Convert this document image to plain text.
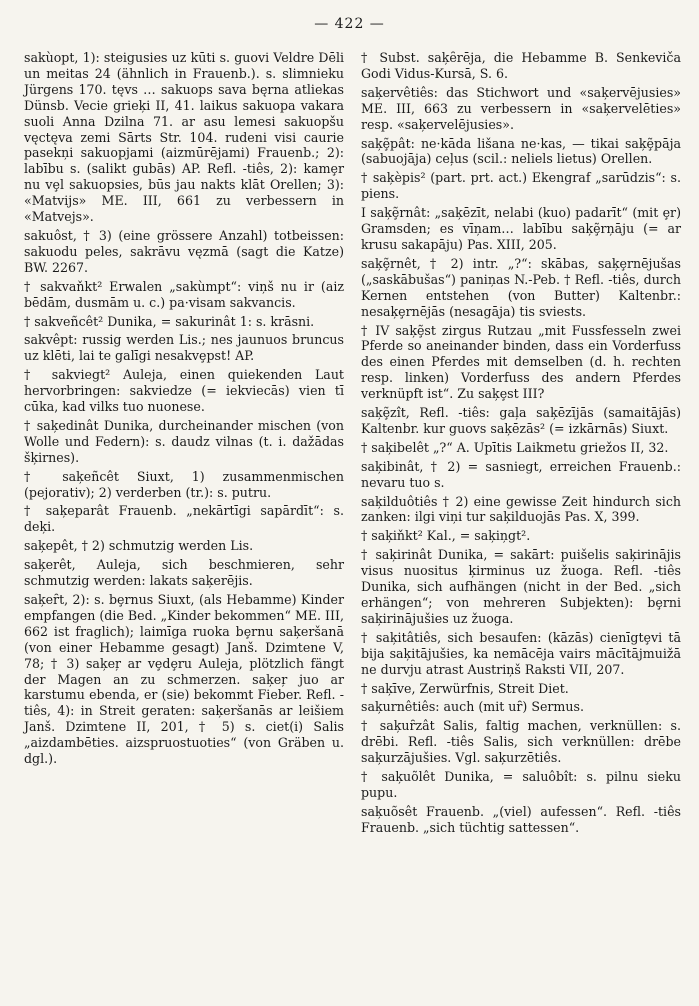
— 422 —

sakùopt, 1): steigusies uz kūti s. guovi Veldre Dēli un meitas 24 (ähnlich in Frauenb.). s. slimnieku Jürgens 170. tęvs … sakuops sava bęrna atliekas Dünsb. Vecie grieķi II, 41. laikus sakuopa vakara suoli Anna Dzilna 71. ar asu lemesi sakuopšu vęctęva zemi Sārts Str. 104. rudeni visi caurie pasekņi sakuopjami (aizmūrējami) Frauenb.; 2): labību s. (salikt gubās) AP. Refl. -tiês, 2): kamȩr nu vȩl sakuopsies, būs jau nakts klāt Orellen; 3): «Matvijs» ME. III, 661 zu verbessern in «Matvejs».

sakuôst, † 3) (eine grössere Anzahl) totbeissen: sakuodu peles, sakrāvu vęzmā (sagt die Katze) BW. 2267.

† sakvaňkt² Erwalen „sakùmpt“: viņš nu ir (aiz bēdām, dusmām u. c.) pa·visam sakvancis.

† sakveñcêt² Dunika, = sakurinât 1: s. krāsni.

sakvêpt: russig werden Lis.; nes jaunuos bruncus uz klēti, lai te galīgi nesakvȩpst! AP.

† sakviegt² Auleja, einen quiekenden Laut hervorbringen: sakviedze (= iekviecās) vien tī cūka, kad vilks tuo nuonese.

† saķedinât Dunika, durcheinander mischen (von Wolle und Federn): s. daudz vilnas (t. i. dažādas šķirnes).

† saķeñcêt Siuxt, 1) zusammenmischen (pejorativ); 2) verderben (tr.): s. putru.

† saķeparât Frauenb. „nekārtīgi sapārdīt“: s. deķi.

saķepêt, † 2) schmutzig werden Lis.

saķerêt, Auleja, sich beschmieren, sehr schmutzig werden: lakats saķerējis.

saķeȓt, 2): s. bȩrnus Siuxt, (als Hebamme) Kinder empfangen (die Bed. „Kinder bekommen“ ME. III, 662 ist fraglich); laimīga ruoka bȩrnu saķeršanā (von einer Hebamme gesagt) Janš. Dzimtene V, 78; † 3) saķeŗ ar vȩdȩru Auleja, plötzlich fängt der Magen an zu schmerzen. saķeŗ juo ar karstumu ebenda, er (sie) bekommt Fieber. Refl. -tiês, 4): in Streit geraten: saķeršanās ar leišiem Janš. Dzimtene II, 201, † 5) s. ciet(i) Salis „aizdambēties. aizspruostuoties“ (von Gräben u. dgl.).

† Subst. saķȇrēja, die Hebamme B. Senkeviča Godi Vidus-Kursā, S. 6.

saķervêtiês: das Stichwort und «saķervējusies» ME. III, 663 zu verbessern in «saķervelēties» resp. «saķervelējusies».

saķȩ̃pât: ne·kāda lišana ne·kas, — tikai saķȩ̃pāja (sabuojāja) ceļus (scil.: neliels lietus) Orellen.

† saķèpis² (part. prt. act.) Ekengraf „sarūdzis“: s. piens.

I saķȩ̃rnât: „saķēzīt, nelabi (kuo) padarīt“ (mit ȩr) Gramsden; es vīņam… labību saķȩ̃rņāju (= ar krusu sakapāju) Pas. XIII, 205.

saķȩ̃rnêt, † 2) intr. „?“: skābas, saķȩrnējušas („saskābušas“) paniņas N.-Peb. † Refl. -tiês, durch Kernen entstehen (von Butter) Kaltenbr.: nesaķȩrnējās (nesagāja) tis sviests.

† IV saķȩ̃st zirgus Rutzau „mit Fussfesseln zwei Pferde so aneinander binden, dass ein Vorderfuss des einen Pferdes mit demselben (d. h. rechten resp. linken) Vorderfuss des andern Pferdes verknüpft ist“. Zu saķȩst III?

saķȩ̃zît, Refl. -tiês: gaļa saķēzījās (samaitājās) Kaltenbr. kur guovs saķēzās² (= izkārnās) Siuxt.

† saķibelêt „?“ A. Upītis Laikmetu griežos II, 32.

saķibinât, † 2) = sasniegt, erreichen Frauenb.: nevaru tuo s.

saķilduôtiês † 2) eine gewisse Zeit hindurch sich zanken: ilgi viņi tur saķilduojās Pas. X, 399.

† saķiňkt² Kal., = saķiņgt².

† saķirinât Dunika, = sakārt: puišelis saķirinājis visus nuositus ķirminus uz žuogа. Refl. -tiês Dunika, sich aufhängen (nicht in der Bed. „sich erhängen“; von mehreren Subjekten): bȩrni saķirinājušies uz žuoga.

† saķitâtiês, sich besaufen: (kāzās) cienīgtȩvi tā bija saķitājušies, ka nemācēja vairs mācītājmuižā ne durvju atrast Austriņš Raksti VII, 207.

† saķīve, Zerwürfnis, Streit Diet.

saķurnêtiês: auch (mit uȓ) Sermus.

† saķuȓzât Salis, faltig machen, verknüllen: s. drēbi. Refl. -tiês Salis, sich verknüllen: drēbe saķurzājušies. Vgl. saķurzētiês.

† saķuõlêt Dunika, = saluôbît: s. pilnu sieku pupu.

saķuõsêt Frauenb. „(viel) aufessen“. Refl. -tiês Frauenb. „sich tüchtig sattessen“.
